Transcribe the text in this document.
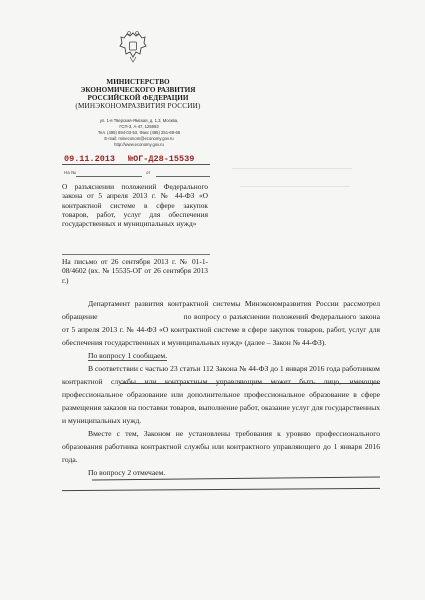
МИНИСТЕРСТВО
ЭКОНОМИЧЕСКОГО РАЗВИТИЯ
РОССИЙСКОЙ ФЕДЕРАЦИИ
(МИНЭКОНОМРАЗВИТИЯ РОССИИ)
ул. 1-я Тверская-Ямская, д. 1,3, Москва,
ГСП-3, А-47, 125993
Тел. (495) 694-03-53, Факс (495) 251-69-65
E-mail: mineconom@economy.gov.ru
http://www.economy.gov.ru
09.11.2013 №ОГ-Д28-15539
На №	от
О разъяснении положений Федерального закона от 5 апреля 2013 г. № 44-ФЗ «О контрактной системе в сфере закупок товаров, работ, услуг для обеспечения государственных и муниципальных нужд»
На письмо от 26 сентября 2013 г. № 01-1-08/4602 (вх. № 15535-ОГ от 26 сентября 2013 г.)

Департамент развития контрактной системы Минэкономразвития России рассмотрел обращение	по вопросу о разъяснении положений Федерального закона от 5 апреля 2013 г. № 44-ФЗ «О контрактной системе в сфере закупок товаров, работ, услуг для обеспечения государственных и муниципальных нужд» (далее – Закон № 44-ФЗ).

По вопросу 1 сообщаем.

В соответствии с частью 23 статьи 112 Закона № 44-ФЗ до 1 января 2016 года работником контрактной службы или контрактным управляющим может быть лицо, имеющее профессиональное образование или дополнительное профессиональное образование в сфере размещения заказов на поставки товаров, выполнение работ, оказание услуг для государственных и муниципальных нужд.

Вместе с тем, Законом не установлены требования к уровню профессионального образования работника контрактной службы или контрактного управляющего до 1 января 2016 года.

По вопросу 2 отмечаем.
